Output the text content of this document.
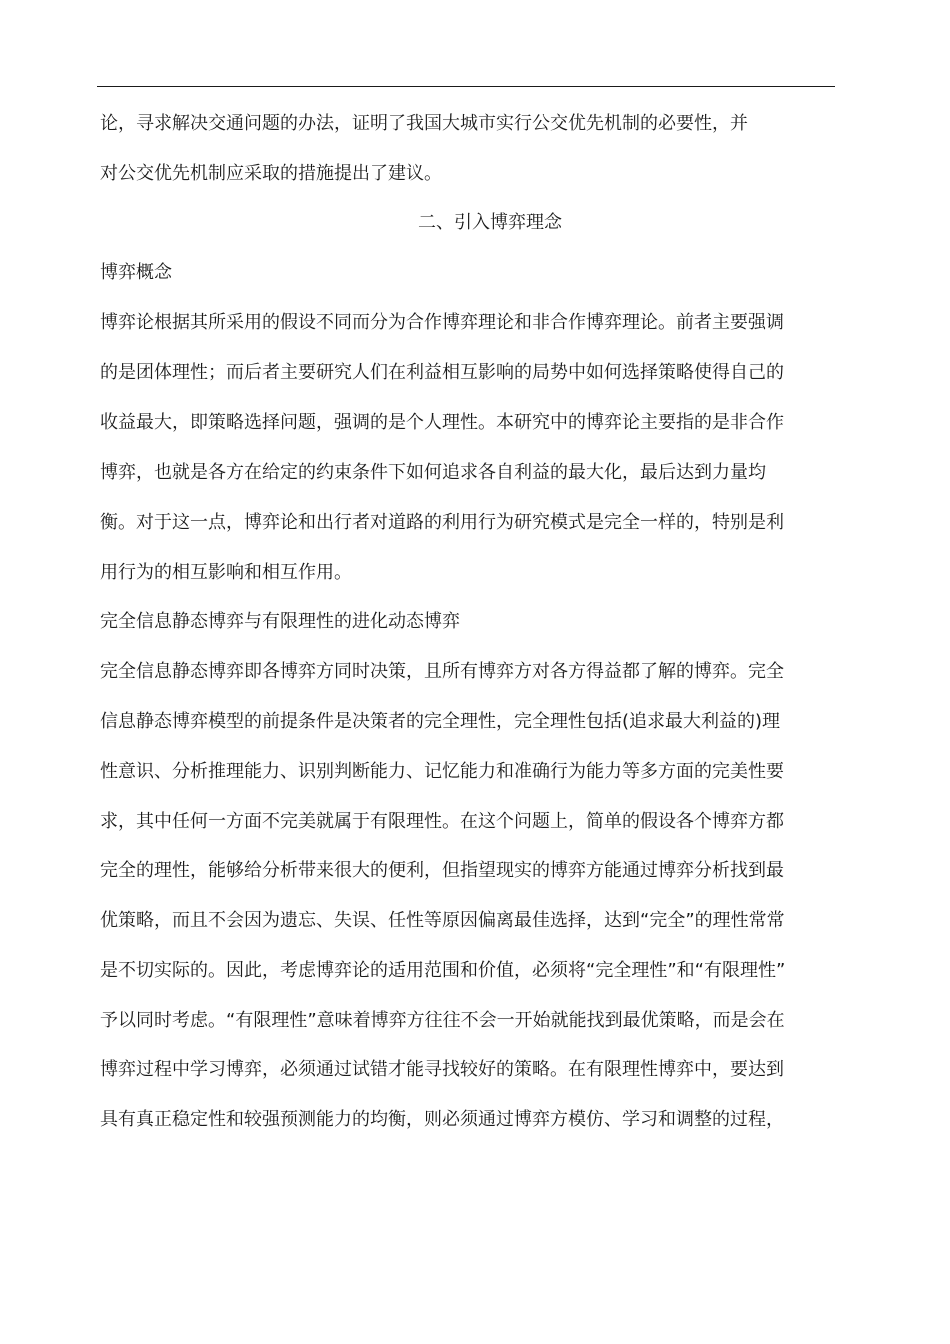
论，寻求解决交通问题的办法，证明了我国大城市实行公交优先机制的必要性，并
对公交优先机制应采取的措施提出了建议。
二、引入博弈理念
博弈概念
博弈论根据其所采用的假设不同而分为合作博弈理论和非合作博弈理论。前者主要强调
的是团体理性；而后者主要研究人们在利益相互影响的局势中如何选择策略使得自己的
收益最大，即策略选择问题，强调的是个人理性。本研究中的博弈论主要指的是非合作
博弈，也就是各方在给定的约束条件下如何追求各自利益的最大化，最后达到力量均
衡。对于这一点，博弈论和出行者对道路的利用行为研究模式是完全一样的，特别是利
用行为的相互影响和相互作用。
完全信息静态博弈与有限理性的进化动态博弈
完全信息静态博弈即各博弈方同时决策，且所有博弈方对各方得益都了解的博弈。完全
信息静态博弈模型的前提条件是决策者的完全理性，完全理性包括(追求最大利益的)理
性意识、分析推理能力、识别判断能力、记忆能力和准确行为能力等多方面的完美性要
求，其中任何一方面不完美就属于有限理性。在这个问题上，简单的假设各个博弈方都
完全的理性，能够给分析带来很大的便利，但指望现实的博弈方能通过博弈分析找到最
优策略，而且不会因为遗忘、失误、任性等原因偏离最佳选择，达到“完全”的理性常常
是不切实际的。因此，考虑博弈论的适用范围和价值，必须将“完全理性”和“有限理性”
予以同时考虑。“有限理性”意味着博弈方往往不会一开始就能找到最优策略，而是会在
博弈过程中学习博弈，必须通过试错才能寻找较好的策略。在有限理性博弈中，要达到
具有真正稳定性和较强预测能力的均衡，则必须通过博弈方模仿、学习和调整的过程，
